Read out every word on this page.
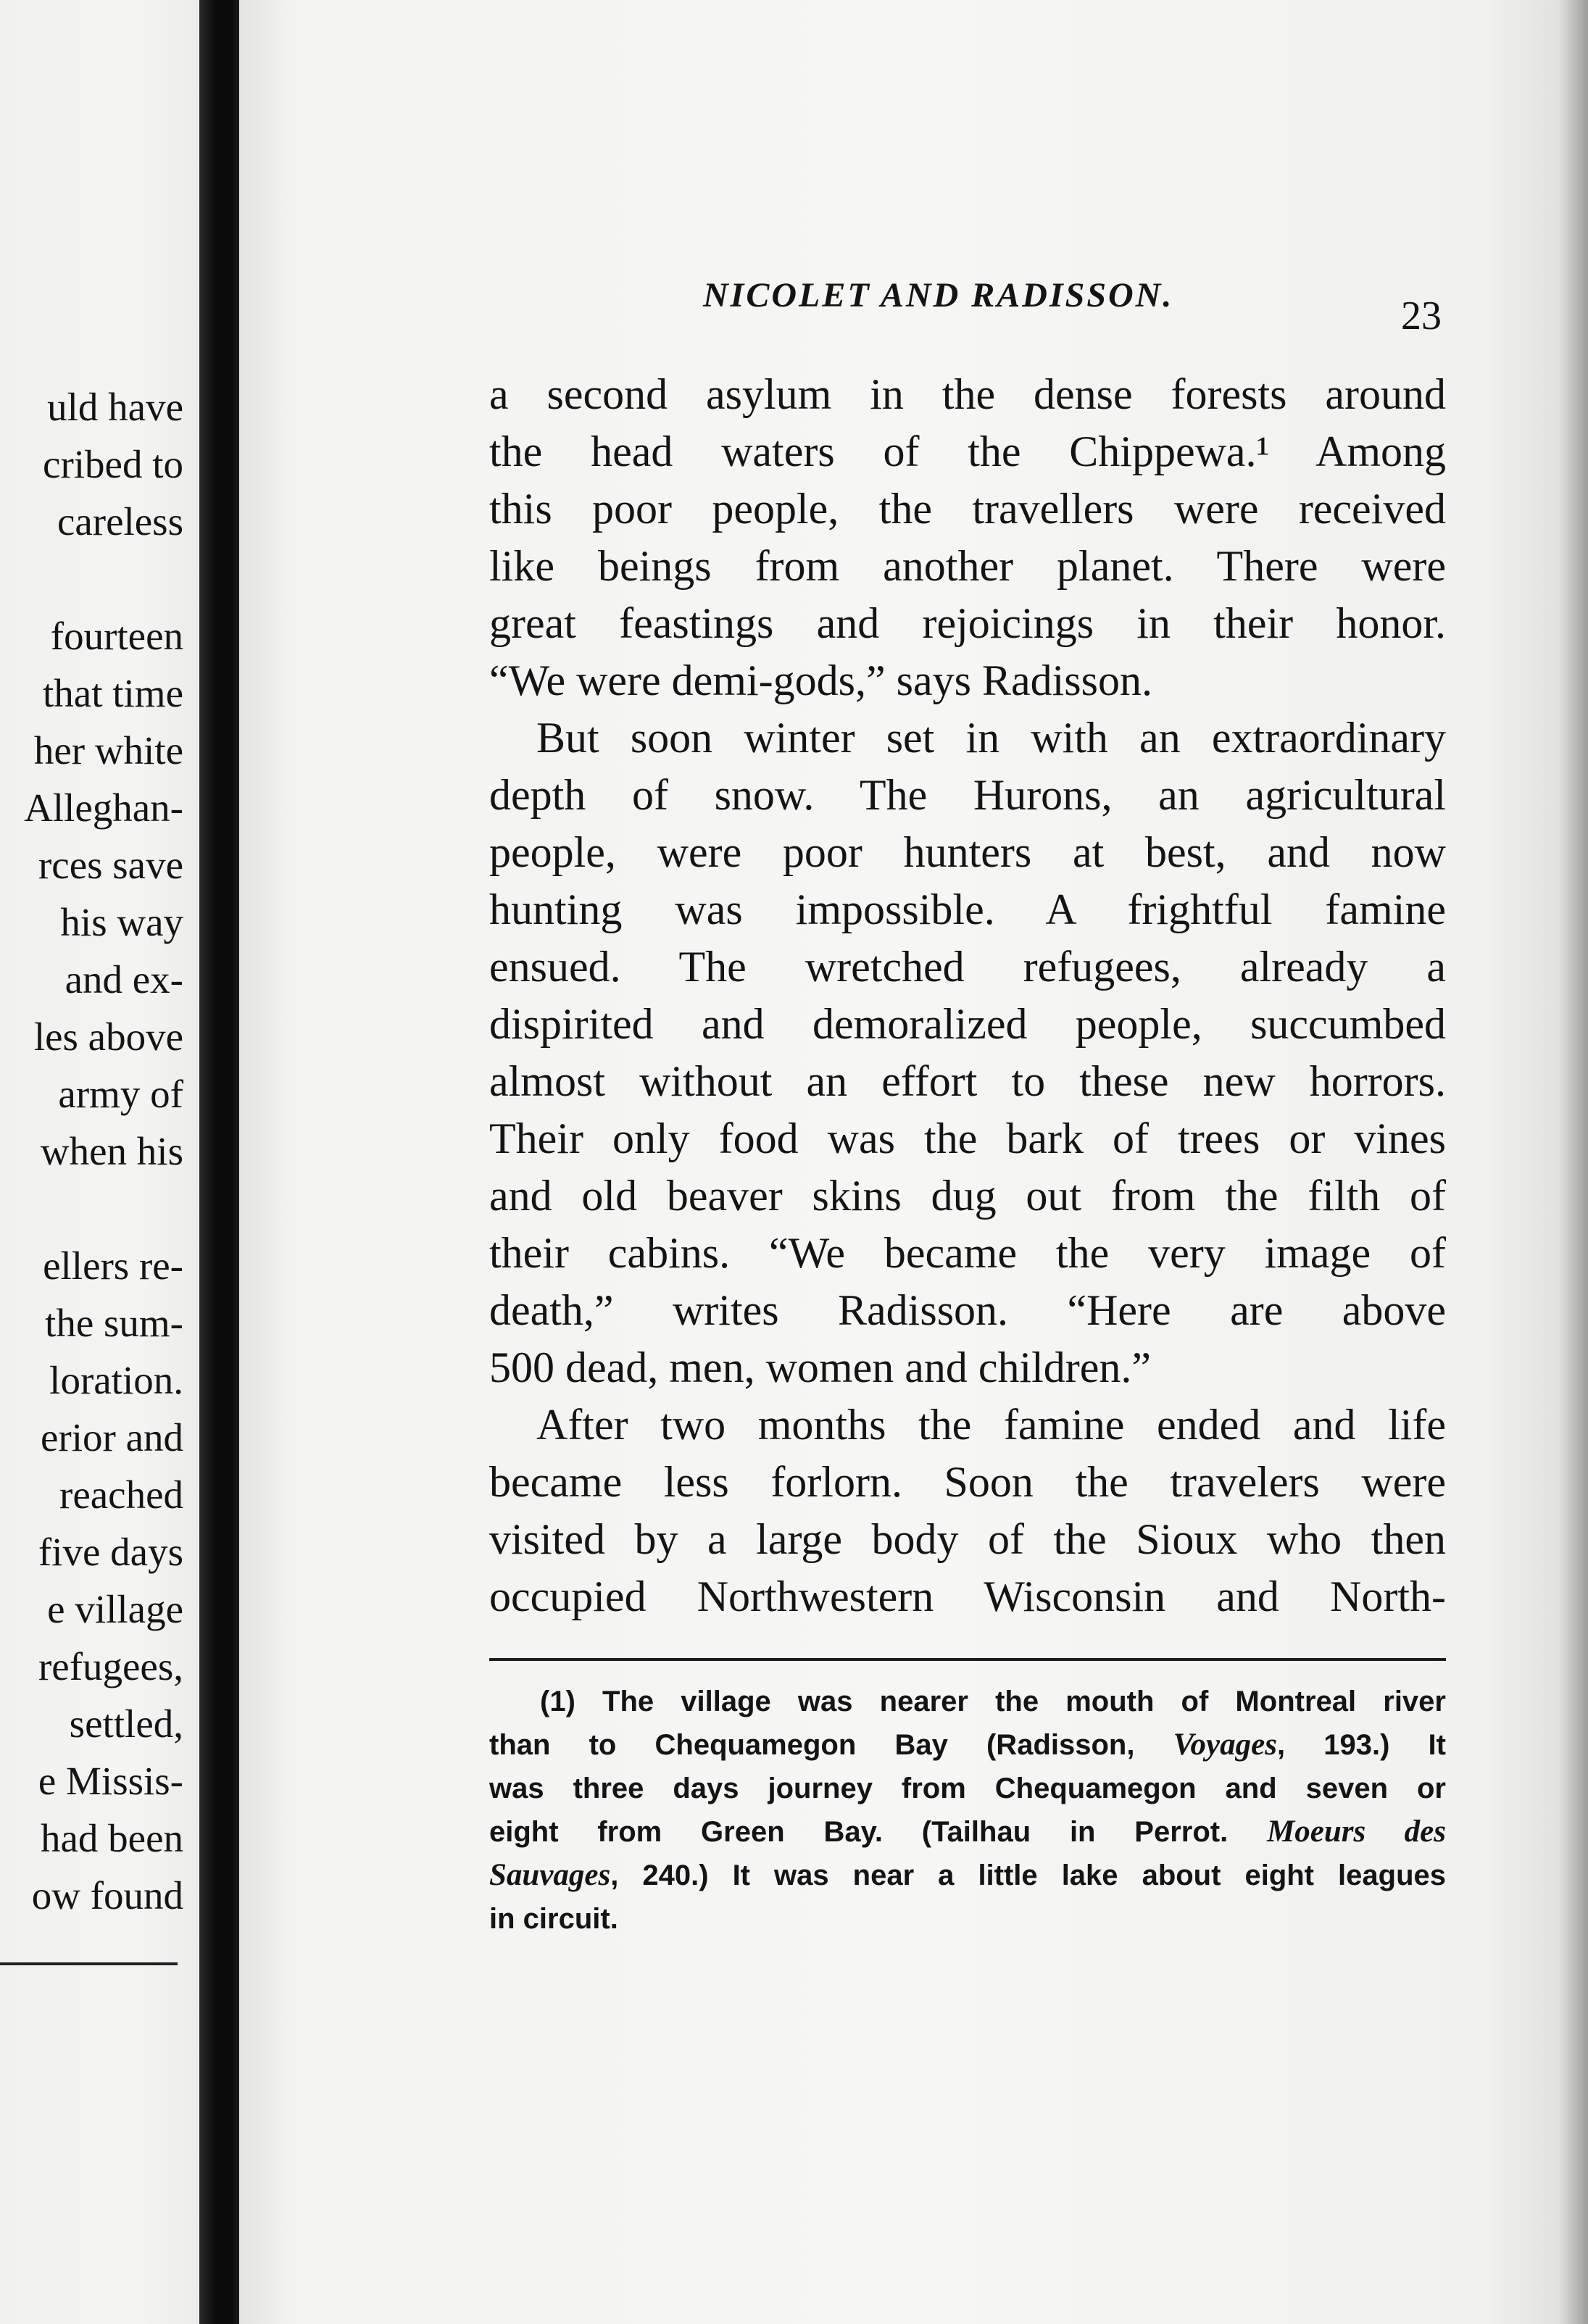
uld have

cribed to

careless

fourteen

that time

her white

Alleghan-

rces save

his way

and ex-

les above

army of

when his

ellers re-

the sum-

loration.

erior and

reached

five days

e village

refugees,

settled,

e Missis-

had been

ow found

NICOLET AND RADISSON.	23

a second asylum in the dense forests around

the head waters of the Chippewa.¹ Among

this poor people, the travellers were received

like beings from another planet. There were

great feastings and rejoicings in their honor.

“We were demi-gods,” says Radisson.

But soon winter set in with an extraordinary

depth of snow. The Hurons, an agricultural

people, were poor hunters at best, and now

hunting was impossible. A frightful famine

ensued. The wretched refugees, already a

dispirited and demoralized people, succumbed

almost without an effort to these new horrors.

Their only food was the bark of trees or vines

and old beaver skins dug out from the filth of

their cabins. “We became the very image of

death,” writes Radisson. “Here are above

500 dead, men, women and children.”

After two months the famine ended and life

became less forlorn. Soon the travelers were

visited by a large body of the Sioux who then

occupied Northwestern Wisconsin and North-

(1) The village was nearer the mouth of Montreal river

than to Chequamegon Bay (Radisson, Voyages, 193.) It

was three days journey from Chequamegon and seven or

eight from Green Bay. (Tailhau in Perrot. Moeurs des

Sauvages, 240.) It was near a little lake about eight leagues

in circuit.
